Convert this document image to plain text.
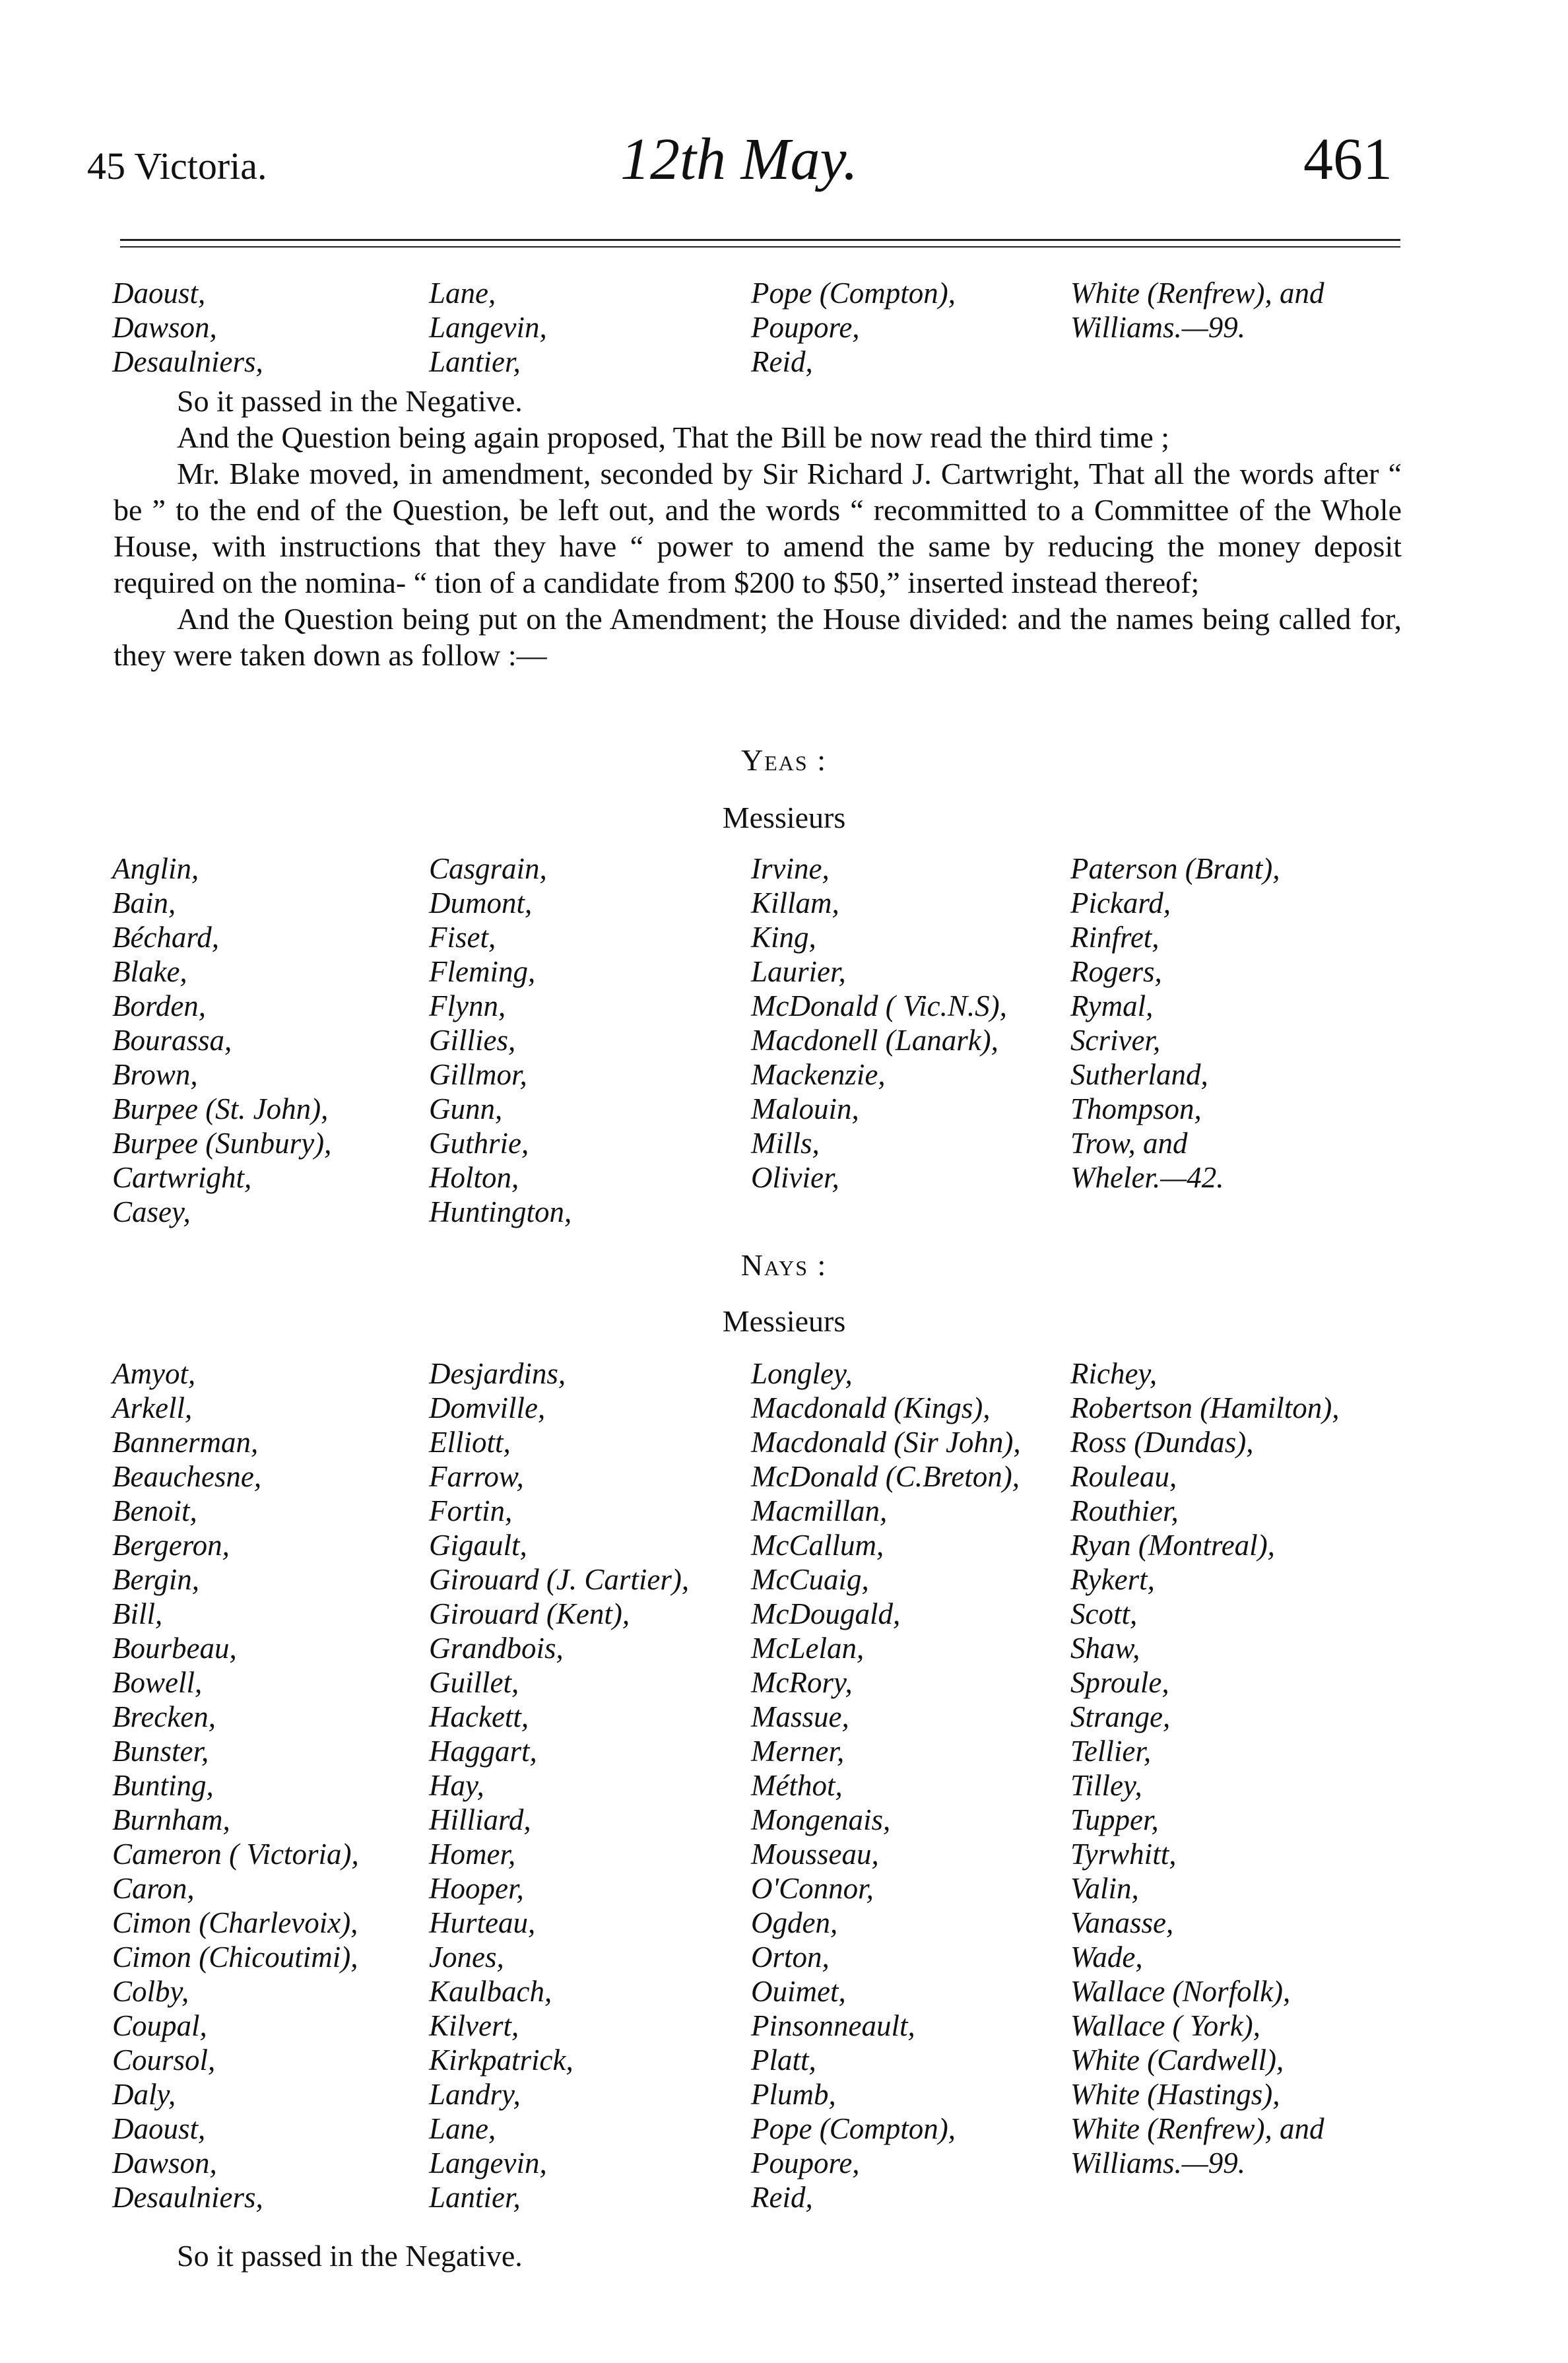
45 Victoria.	12th May.	461
Daoust,
Dawson,
Desaulniers,
Lane,
Langevin,
Lantier,
Pope (Compton),
Poupore,
Reid,
White (Renfrew), and
Williams.—99.

So it passed in the Negative.

And the Question being again proposed, That the Bill be now read the third time ;

Mr. Blake moved, in amendment, seconded by Sir Richard J. Cartwright, That all the words after “ be ” to the end of the Question, be left out, and the words “ recommitted to a Committee of the Whole House, with instructions that they have “ power to amend the same by reducing the money deposit required on the nomina- “ tion of a candidate from $200 to $50,” inserted instead thereof;

And the Question being put on the Amendment; the House divided: and the names being called for, they were taken down as follow :—

Yeas :
Messieurs
Anglin,
Bain,
Béchard,
Blake,
Borden,
Bourassa,
Brown,
Burpee (St. John),
Burpee (Sunbury),
Cartwright,
Casey,
Casgrain,
Dumont,
Fiset,
Fleming,
Flynn,
Gillies,
Gillmor,
Gunn,
Guthrie,
Holton,
Huntington,
Irvine,
Killam,
King,
Laurier,
McDonald ( Vic.N.S),
Macdonell (Lanark),
Mackenzie,
Malouin,
Mills,
Olivier,
Paterson (Brant),
Pickard,
Rinfret,
Rogers,
Rymal,
Scriver,
Sutherland,
Thompson,
Trow, and
Wheler.—42.
Nays :
Messieurs
Amyot,
Arkell,
Bannerman,
Beauchesne,
Benoit,
Bergeron,
Bergin,
Bill,
Bourbeau,
Bowell,
Brecken,
Bunster,
Bunting,
Burnham,
Cameron ( Victoria),
Caron,
Cimon (Charlevoix),
Cimon (Chicoutimi),
Colby,
Coupal,
Coursol,
Daly,
Daoust,
Dawson,
Desaulniers,
Desjardins,
Domville,
Elliott,
Farrow,
Fortin,
Gigault,
Girouard (J. Cartier),
Girouard (Kent),
Grandbois,
Guillet,
Hackett,
Haggart,
Hay,
Hilliard,
Homer,
Hooper,
Hurteau,
Jones,
Kaulbach,
Kilvert,
Kirkpatrick,
Landry,
Lane,
Langevin,
Lantier,
Longley,
Macdonald (Kings),
Macdonald (Sir John),
McDonald (C.Breton),
Macmillan,
McCallum,
McCuaig,
McDougald,
McLelan,
McRory,
Massue,
Merner,
Méthot,
Mongenais,
Mousseau,
O'Connor,
Ogden,
Orton,
Ouimet,
Pinsonneault,
Platt,
Plumb,
Pope (Compton),
Poupore,
Reid,
Richey,
Robertson (Hamilton),
Ross (Dundas),
Rouleau,
Routhier,
Ryan (Montreal),
Rykert,
Scott,
Shaw,
Sproule,
Strange,
Tellier,
Tilley,
Tupper,
Tyrwhitt,
Valin,
Vanasse,
Wade,
Wallace (Norfolk),
Wallace ( York),
White (Cardwell),
White (Hastings),
White (Renfrew), and
Williams.—99.

So it passed in the Negative.
